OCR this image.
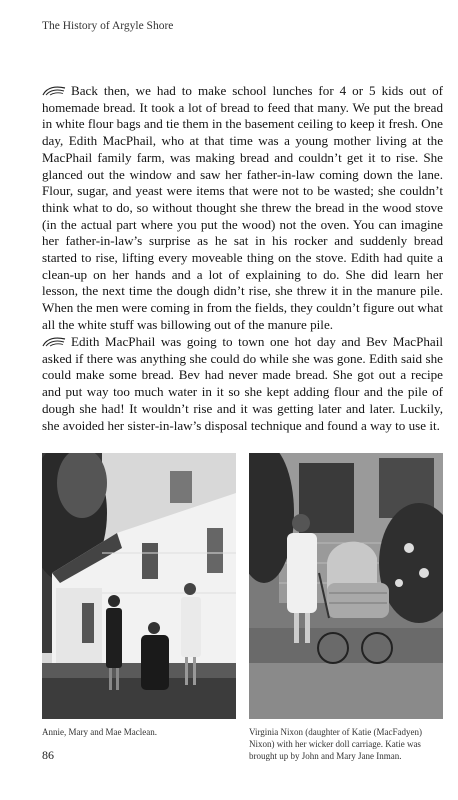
The History of Argyle Shore

Back then, we had to make school lunches for 4 or 5 kids out of homemade bread. It took a lot of bread to feed that many. We put the bread in white flour bags and tie them in the basement ceiling to keep it fresh. One day, Edith MacPhail, who at that time was a young mother living at the MacPhail family farm, was making bread and couldn’t get it to rise. She glanced out the window and saw her father-in-law coming down the lane. Flour, sugar, and yeast were items that were not to be wasted; she couldn’t think what to do, so without thought she threw the bread in the wood stove (in the actual part where you put the wood) not the oven. You can imagine her father-in-law’s surprise as he sat in his rocker and suddenly bread started to rise, lifting every moveable thing on the stove. Edith had quite a clean-up on her hands and a lot of explaining to do. She did learn her lesson, the next time the dough didn’t rise, she threw it in the manure pile. When the men were coming in from the fields, they couldn’t figure out what all the white stuff was billowing out of the manure pile.

Edith MacPhail was going to town one hot day and Bev MacPhail asked if there was anything she could do while she was gone. Edith said she could make some bread. Bev had never made bread. She got out a recipe and put way too much water in it so she kept adding flour and the pile of dough she had! It wouldn’t rise and it was getting later and later. Luckily, she avoided her sister-in-law’s disposal technique and found a way to use it.

Annie, Mary and Mae Maclean.	Virginia Nixon (daughter of Katie (MacFadyen) Nixon) with her wicker doll carriage. Katie was brought up by John and Mary Jane Inman.
86
